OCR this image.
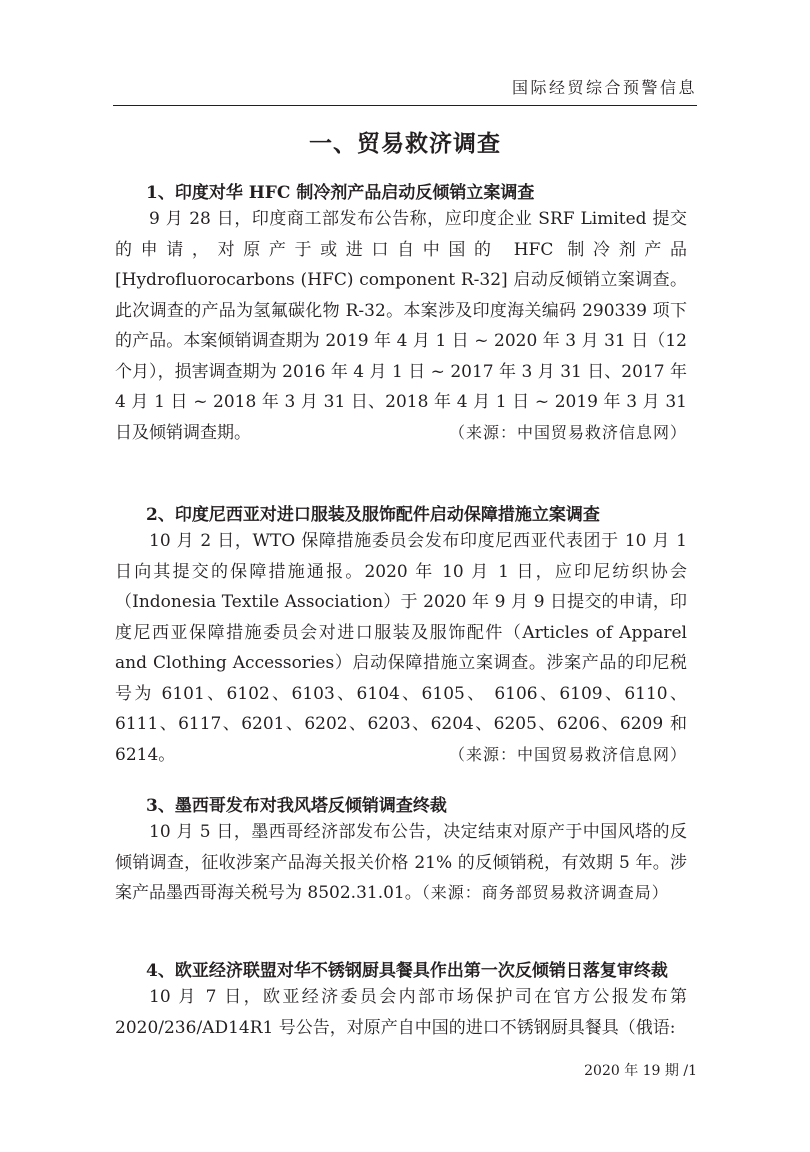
国际经贸综合预警信息
一、贸易救济调查
1、印度对华 HFC 制冷剂产品启动反倾销立案调查
9 月 28 日，印度商工部发布公告称，应印度企业 SRF Limited 提交的申请，对原产于或进口自中国的 HFC 制冷剂产品 [Hydrofluorocarbons (HFC) component R-32] 启动反倾销立案调查。此次调查的产品为氢氟碳化物 R-32。本案涉及印度海关编码 290339 项下的产品。本案倾销调查期为 2019 年 4 月 1 日 ~ 2020 年 3 月 31 日（12 个月），损害调查期为 2016 年 4 月 1 日 ~ 2017 年 3 月 31 日、2017 年 4 月 1 日 ~ 2018 年 3 月 31 日、2018 年 4 月 1 日 ~ 2019 年 3 月 31 日及倾销调查期。	（来源：中国贸易救济信息网）
2、印度尼西亚对进口服装及服饰配件启动保障措施立案调查
10 月 2 日，WTO 保障措施委员会发布印度尼西亚代表团于 10 月 1 日向其提交的保障措施通报。2020 年 10 月 1 日，应印尼纺织协会（Indonesia Textile Association）于 2020 年 9 月 9 日提交的申请，印度尼西亚保障措施委员会对进口服装及服饰配件（Articles of Apparel and Clothing Accessories）启动保障措施立案调查。涉案产品的印尼税号为 6101、6102、6103、6104、6105、 6106、6109、6110、6111、6117、6201、6202、6203、6204、6205、6206、6209 和 6214。	（来源：中国贸易救济信息网）
3、墨西哥发布对我风塔反倾销调查终裁
10 月 5 日，墨西哥经济部发布公告，决定结束对原产于中国风塔的反倾销调查，征收涉案产品海关报关价格 21% 的反倾销税，有效期 5 年。涉案产品墨西哥海关税号为 8502.31.01。（来源：商务部贸易救济调查局）
4、欧亚经济联盟对华不锈钢厨具餐具作出第一次反倾销日落复审终裁
10 月 7 日，欧亚经济委员会内部市场保护司在官方公报发布第 2020/236/AD14R1 号公告，对原产自中国的进口不锈钢厨具餐具（俄语:
2020 年 19 期 /1
